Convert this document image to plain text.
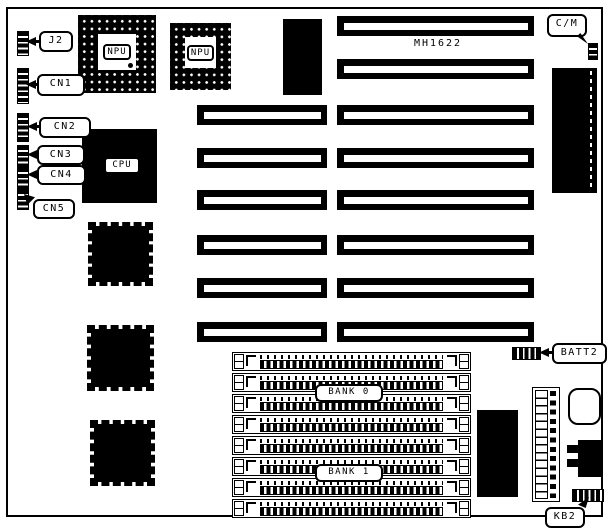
J2
CN1
CN2
CN3
CN4
CN5
NPU	NPU
CPU
MH1622
C/M
BATT2
BANK 0
BANK 1
KB2
